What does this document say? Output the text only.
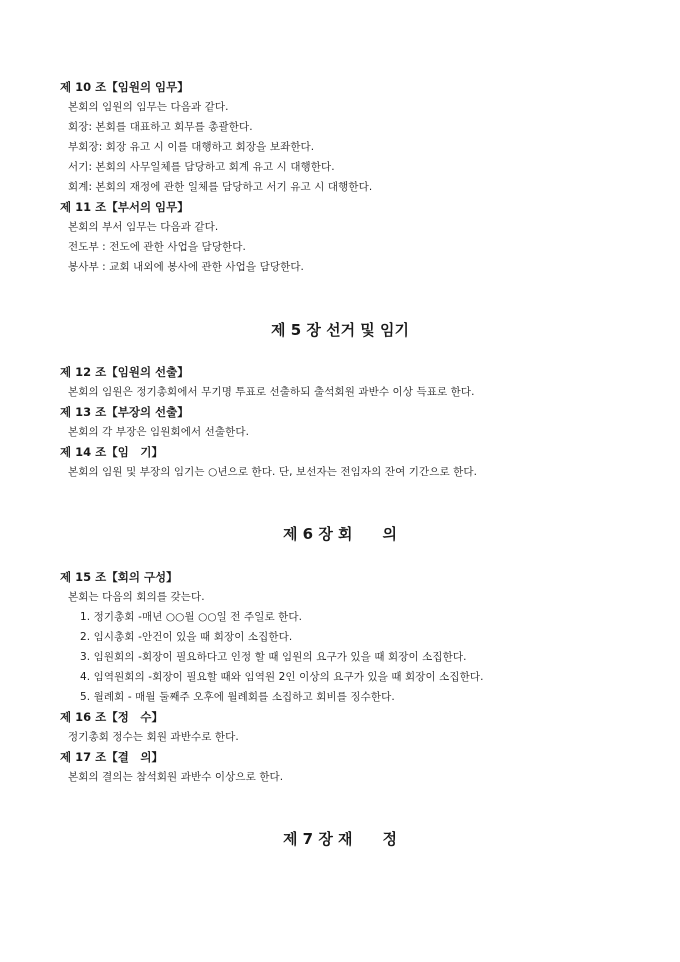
제 10 조【임원의 임무】
본회의 임원의 임무는 다음과 같다.
회장: 본회를 대표하고 회무를 총괄한다.
부회장: 회장 유고 시 이를 대행하고 회장을 보좌한다.
서기: 본회의 사무일체를 담당하고 회계 유고 시 대행한다.
회계: 본회의 재정에 관한 일체를 담당하고 서기 유고 시 대행한다.
제 11 조【부서의 임무】
본회의 부서 임무는 다음과 같다.
전도부 : 전도에 관한 사업을 담당한다.
봉사부 : 교회 내외에 봉사에 관한 사업을 담당한다.
제 5 장 선거 및 임기
제 12 조【임원의 선출】
본회의 임원은 정기총회에서 무기명 투표로 선출하되 출석회원 과반수 이상 득표로 한다.
제 13 조【부장의 선출】
본회의 각 부장은 임원회에서 선출한다.
제 14 조【임　기】
본회의 임원 및 부장의 임기는 ○년으로 한다. 단, 보선자는 전임자의 잔여 기간으로 한다.
제 6 장 회　　의
제 15 조【회의 구성】
본회는 다음의 회의를 갖는다.
1. 정기총회 -매년 ○○월 ○○일 전 주일로 한다.
2. 임시총회 -안건이 있을 때 회장이 소집한다.
3. 임원회의 -회장이 필요하다고 인정 할 때 임원의 요구가 있을 때 회장이 소집한다.
4. 임역원회의 -회장이 필요할 때와 임역원 2인 이상의 요구가 있을 때 회장이 소집한다.
5. 월례회 - 매월 둘째주 오후에 월례회를 소집하고 회비를 징수한다.
제 16 조【정　수】
정기총회 정수는 회원 과반수로 한다.
제 17 조【결　의】
본회의 결의는 참석회원 과반수 이상으로 한다.
제 7 장 재　　정
